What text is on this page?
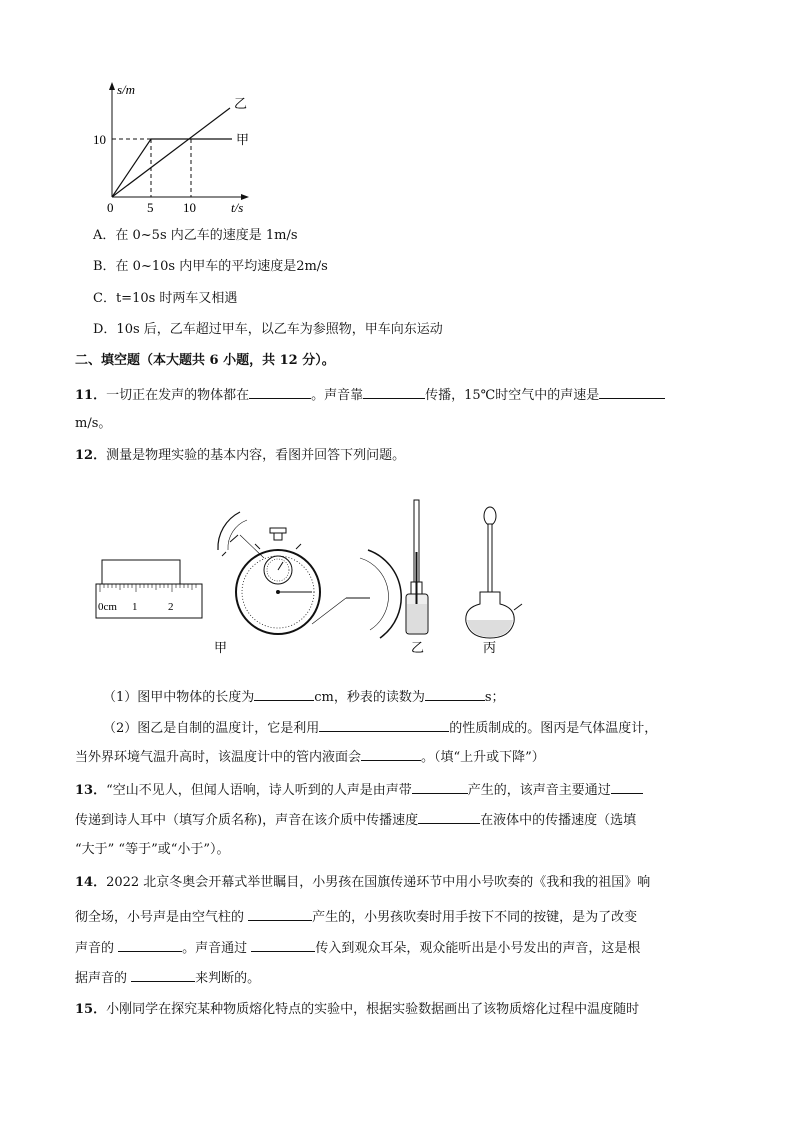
s/m
10
0	5 10	t/s
乙
甲
A．在 0~5s 内乙车的速度是 1m/s
B．在 0~10s 内甲车的平均速度是2m/s
C．t=10s 时两车又相遇
D．10s 后，乙车超过甲车，以乙车为参照物，甲车向东运动
二、填空题（本大题共 6 小题，共 12 分）。
11．一切正在发声的物体都在	。声音靠	传播，15℃时空气中的声速是
m/s。
12．测量是物理实验的基本内容，看图并回答下列问题。
0cm 1	2
甲	乙	丙
（1）图甲中物体的长度为	cm，秒表的读数为	s；
（2）图乙是自制的温度计，它是利用	的性质制成的。图丙是气体温度计，
当外界环境气温升高时，该温度计中的管内液面会	。（填“上升或下降”）
13．“空山不见人，但闻人语响，诗人听到的人声是由声带	产生的，该声音主要通过
传递到诗人耳中（填写介质名称)，声音在该介质中传播速度	在液体中的传播速度（选填
“大于” “等于”或“小于”）。
14．2022 北京冬奥会开幕式举世瞩目，小男孩在国旗传递环节中用小号吹奏的《我和我的祖国》响
彻全场，小号声是由空气柱的	产生的，小男孩吹奏时用手按下不同的按键，是为了改变
声音的	。声音通过	传入到观众耳朵，观众能听出是小号发出的声音，这是根
据声音的	来判断的。
15．小刚同学在探究某种物质熔化特点的实验中，根据实验数据画出了该物质熔化过程中温度随时
